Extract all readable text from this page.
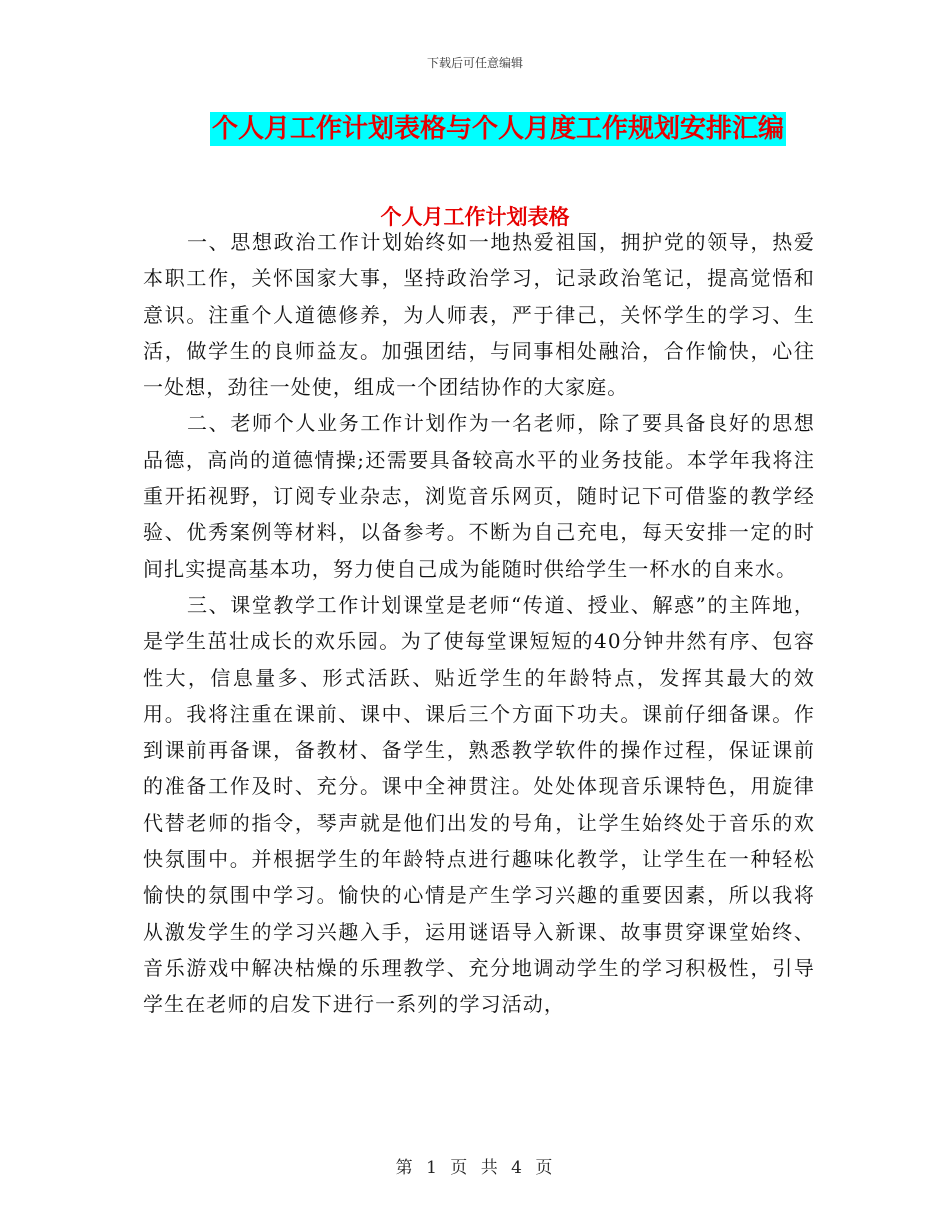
下载后可任意编辑
个人月工作计划表格与个人月度工作规划安排汇编
个人月工作计划表格

一、思想政治工作计划始终如一地热爱祖国，拥护党的领导，热爱本职工作，关怀国家大事，坚持政治学习，记录政治笔记，提高觉悟和意识。注重个人道德修养，为人师表，严于律己，关怀学生的学习、生活，做学生的良师益友。加强团结，与同事相处融洽，合作愉快，心往一处想，劲往一处使，组成一个团结协作的大家庭。

二、老师个人业务工作计划作为一名老师，除了要具备良好的思想品德，高尚的道德情操;还需要具备较高水平的业务技能。本学年我将注重开拓视野，订阅专业杂志，浏览音乐网页，随时记下可借鉴的教学经验、优秀案例等材料，以备参考。不断为自己充电，每天安排一定的时间扎实提高基本功，努力使自己成为能随时供给学生一杯水的自来水。

三、课堂教学工作计划课堂是老师“传道、授业、解惑”的主阵地，是学生茁壮成长的欢乐园。为了使每堂课短短的40分钟井然有序、包容性大，信息量多、形式活跃、贴近学生的年龄特点，发挥其最大的效用。我将注重在课前、课中、课后三个方面下功夫。课前仔细备课。作到课前再备课，备教材、备学生，熟悉教学软件的操作过程，保证课前的准备工作及时、充分。课中全神贯注。处处体现音乐课特色，用旋律代替老师的指令，琴声就是他们出发的号角，让学生始终处于音乐的欢快氛围中。并根据学生的年龄特点进行趣味化教学，让学生在一种轻松愉快的氛围中学习。愉快的心情是产生学习兴趣的重要因素，所以我将从激发学生的学习兴趣入手，运用谜语导入新课、故事贯穿课堂始终、音乐游戏中解决枯燥的乐理教学、充分地调动学生的学习积极性，引导学生在老师的启发下进行一系列的学习活动，

第 1 页 共 4 页
